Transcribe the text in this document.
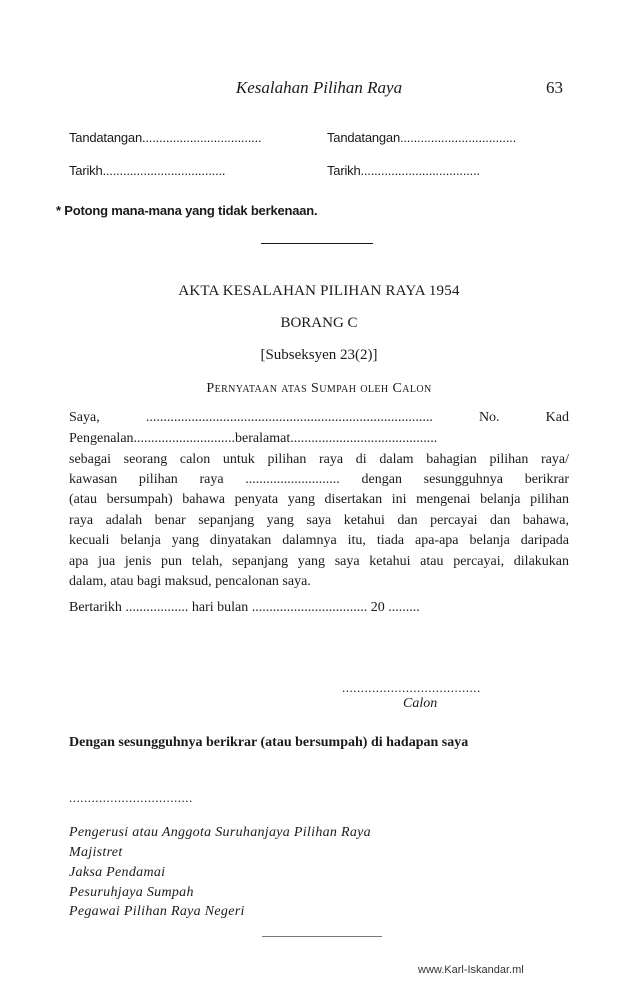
Kesalahan Pilihan Raya	63
Tandatangan...................................	Tandatangan..................................
Tarikh....................................	Tarikh...................................
* Potong mana-mana yang tidak berkenaan.
AKTA KESALAHAN PILIHAN RAYA 1954
BORANG C
[Subseksyen 23(2)]
Pernyataan atas Sumpah oleh Calon
Saya, .................................................................................. No. Kad
Pengenalan.............................beralamat..........................................
sebagai seorang calon untuk pilihan raya di dalam bahagian pilihan raya/
kawasan pilihan raya ........................... dengan sesungguhnya berikrar
(atau bersumpah) bahawa penyata yang disertakan ini mengenai belanja pilihan
raya adalah benar sepanjang yang saya ketahui dan percayai dan bahawa,
kecuali belanja yang dinyatakan dalamnya itu, tiada apa-apa belanja daripada
apa jua jenis pun telah, sepanjang yang saya ketahui atau percayai, dilakukan
dalam, atau bagi maksud, pencalonan saya.
Bertarikh .................. hari bulan ................................. 20 .........
.....................................
Calon
Dengan sesungguhnya berikrar (atau bersumpah) di hadapan saya
.................................
Pengerusi atau Anggota Suruhanjaya Pilihan Raya
Majistret
Jaksa Pendamai
Pesuruhjaya Sumpah
Pegawai Pilihan Raya Negeri
www.Karl-Iskandar.ml
